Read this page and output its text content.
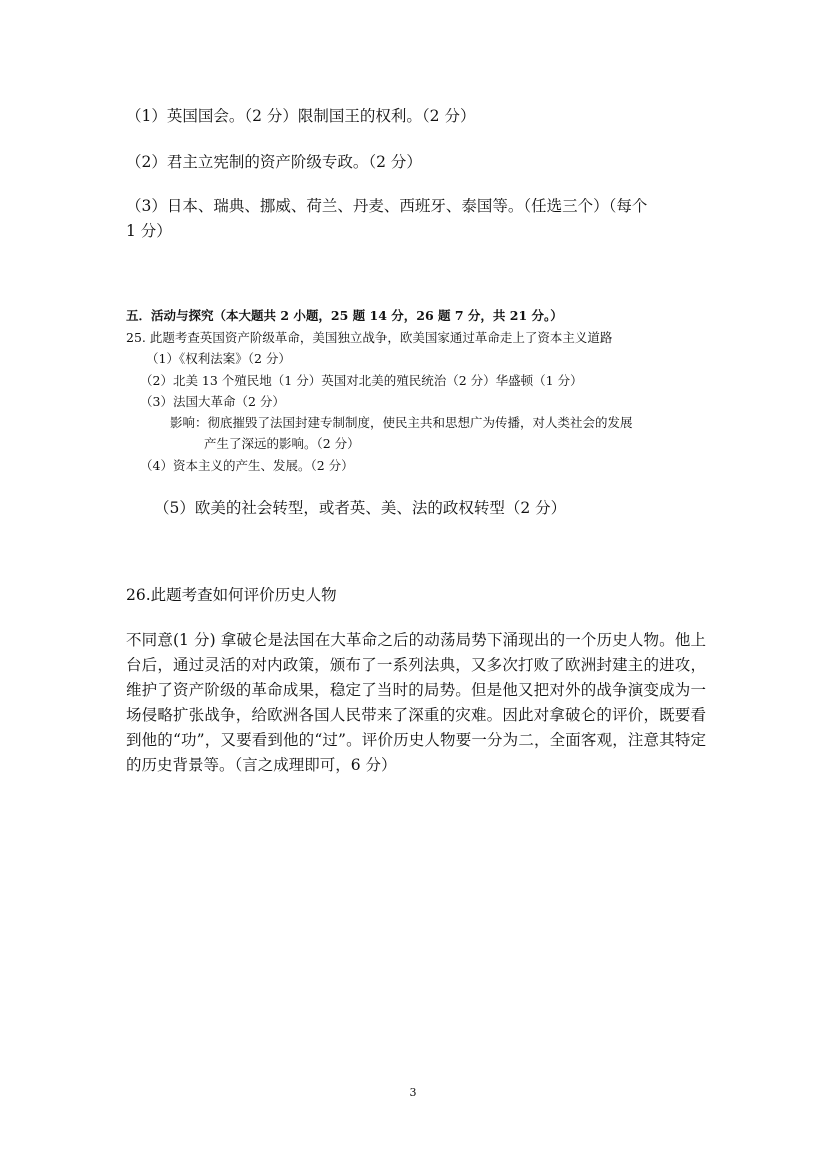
（1）英国国会。（2 分）限制国王的权利。（2 分）
（2）君主立宪制的资产阶级专政。（2 分）
（3）日本、瑞典、挪威、荷兰、丹麦、西班牙、泰国等。（任选三个）（每个
1 分）
五．活动与探究（本大题共 2 小题，25 题 14 分，26 题 7 分，共 21 分。）
25. 此题考查英国资产阶级革命，美国独立战争，欧美国家通过革命走上了资本主义道路
（1）《权利法案》（2 分）
（2）北美 13 个殖民地（1 分）英国对北美的殖民统治（2 分）华盛顿（1 分）
（3）法国大革命（2 分）
影响：彻底摧毁了法国封建专制制度，使民主共和思想广为传播，对人类社会的发展
产生了深远的影响。（2 分）
（4）资本主义的产生、发展。（2 分）
（5）欧美的社会转型，或者英、美、法的政权转型（2 分）
26.此题考查如何评价历史人物
不同意(1 分) 拿破仑是法国在大革命之后的动荡局势下涌现出的一个历史人物。他上台后，通过灵活的对内政策，颁布了一系列法典，又多次打败了欧洲封建主的进攻，维护了资产阶级的革命成果，稳定了当时的局势。但是他又把对外的战争演变成为一场侵略扩张战争，给欧洲各国人民带来了深重的灾难。因此对拿破仑的评价，既要看到他的“功”，又要看到他的“过”。评价历史人物要一分为二，全面客观，注意其特定的历史背景等。（言之成理即可，6 分）
3
